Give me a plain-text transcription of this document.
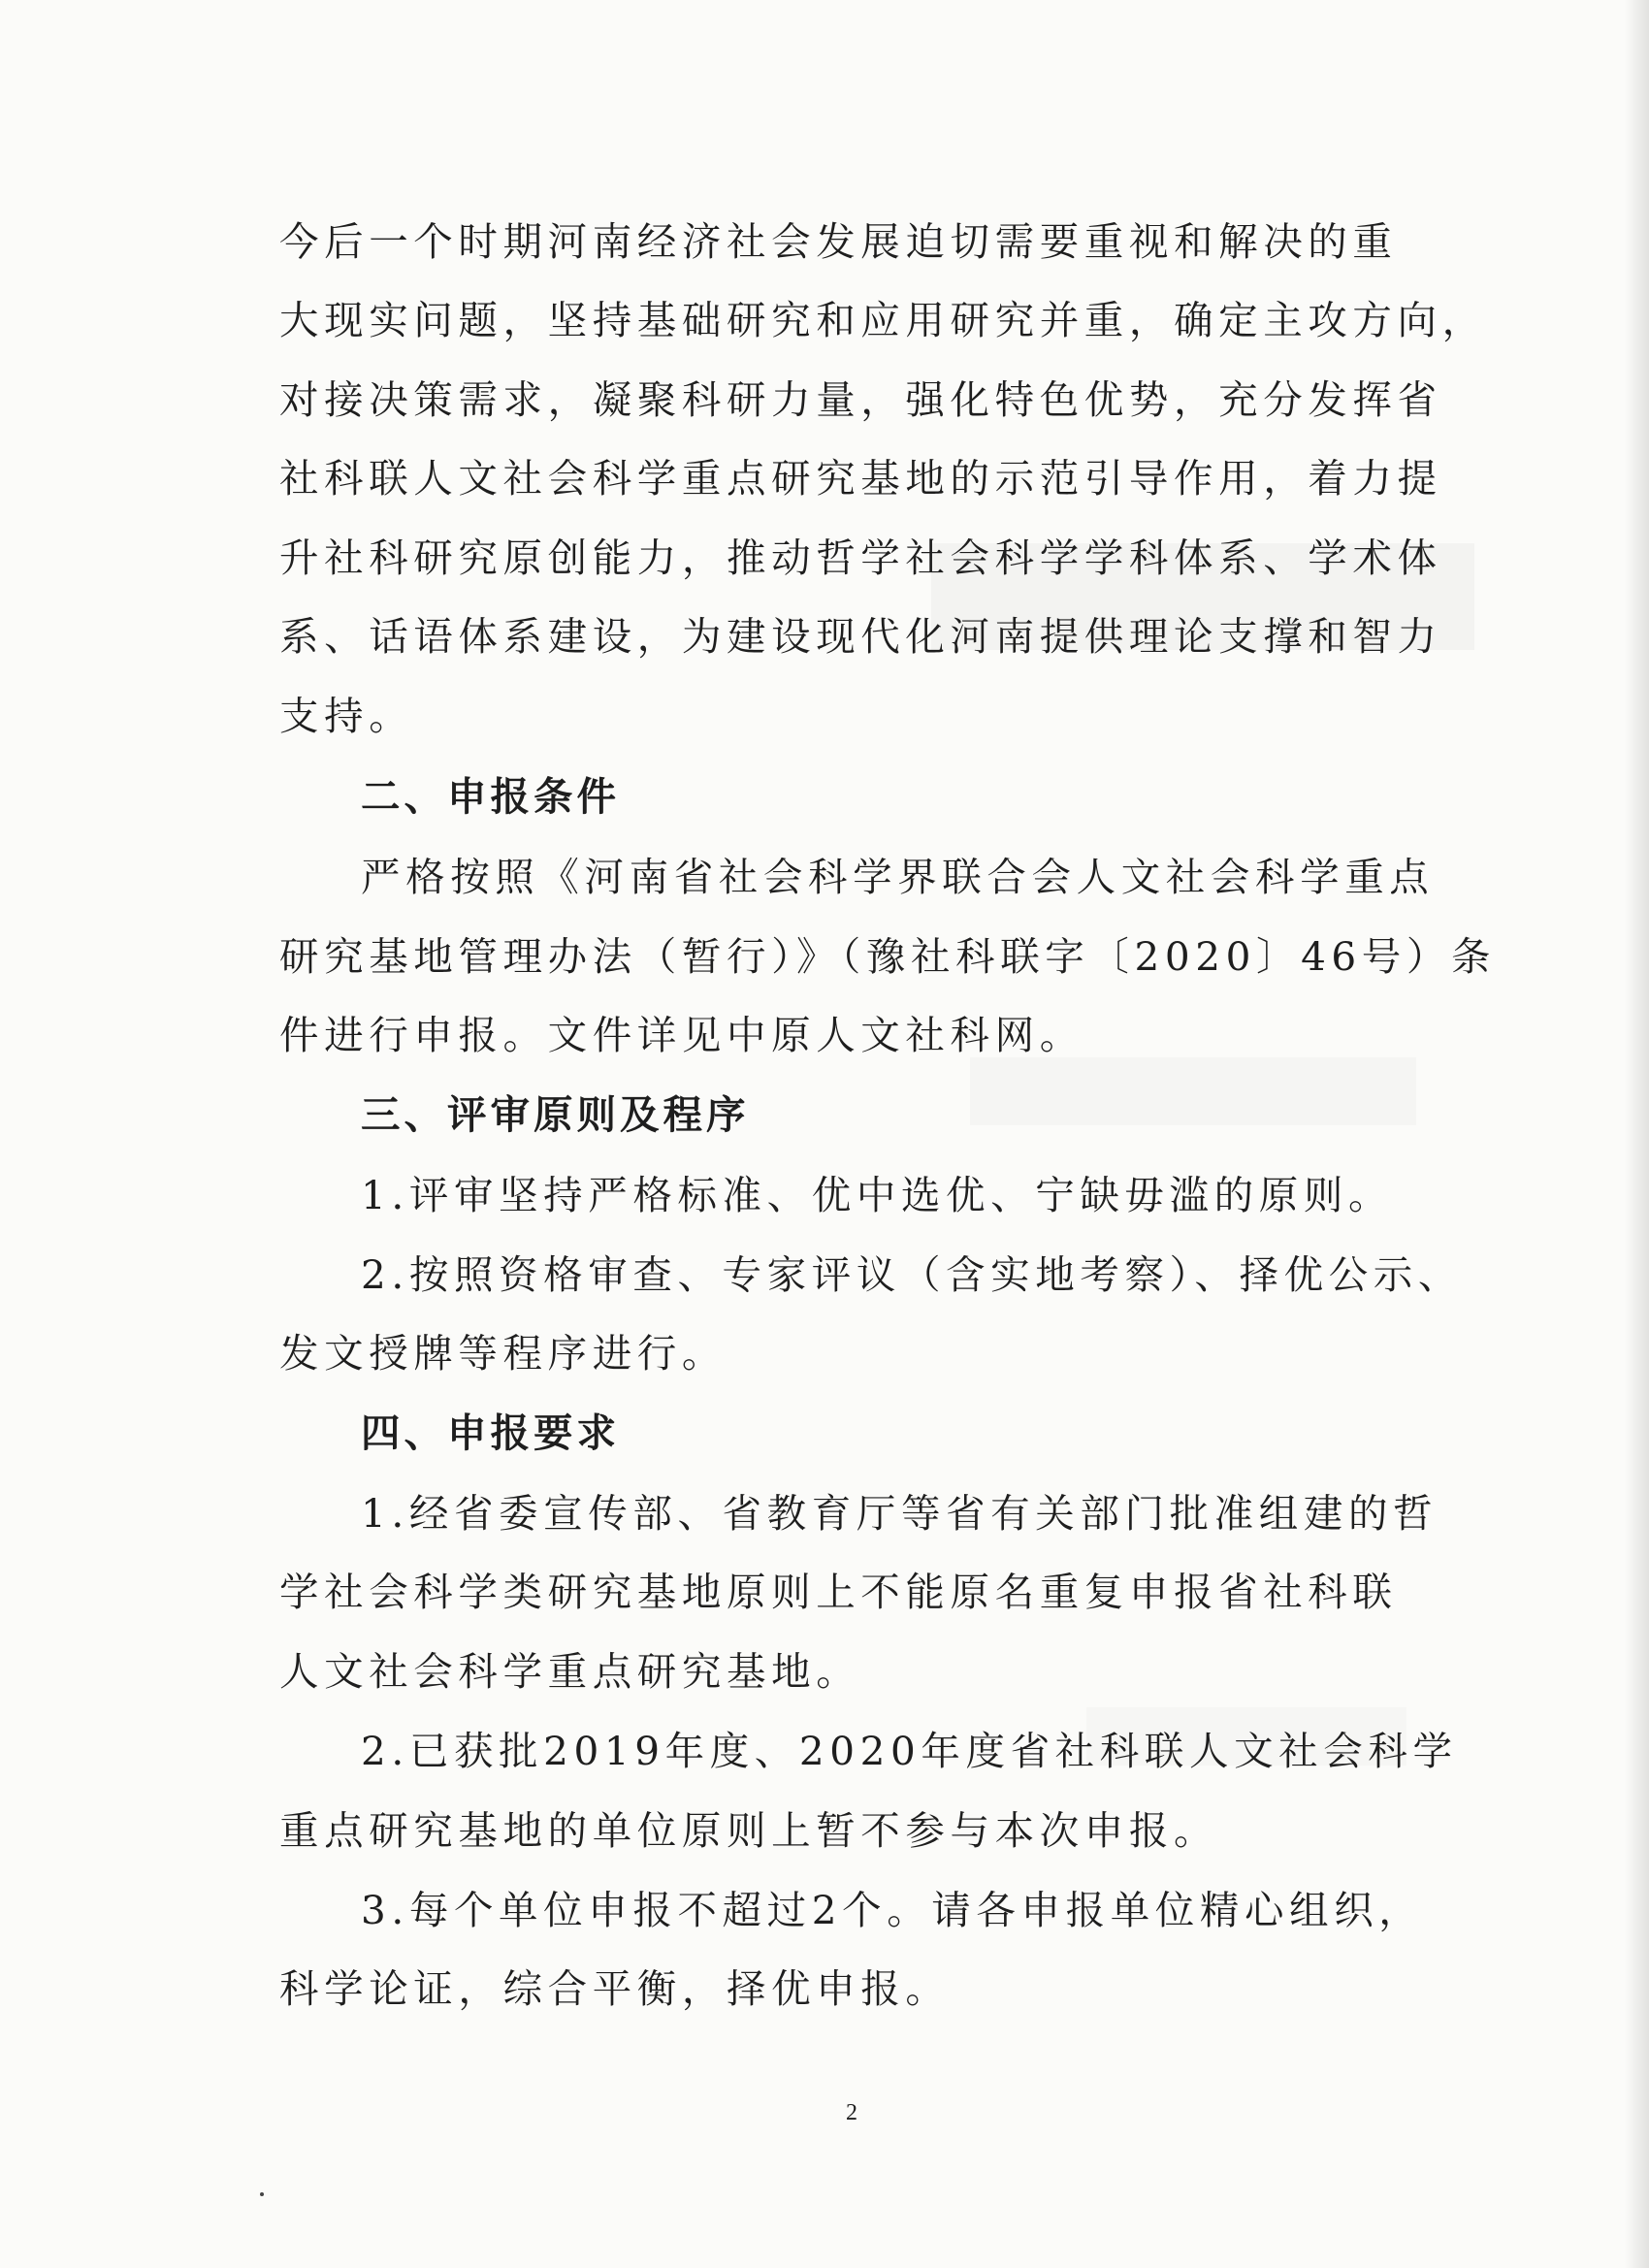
今后一个时期河南经济社会发展迫切需要重视和解决的重
大现实问题，坚持基础研究和应用研究并重，确定主攻方向，
对接决策需求，凝聚科研力量，强化特色优势，充分发挥省
社科联人文社会科学重点研究基地的示范引导作用，着力提
升社科研究原创能力，推动哲学社会科学学科体系、学术体
系、话语体系建设，为建设现代化河南提供理论支撑和智力
支持。
二、申报条件
严格按照《河南省社会科学界联合会人文社会科学重点
研究基地管理办法（暂行）》（豫社科联字〔2020〕46号）条
件进行申报。文件详见中原人文社科网。
三、评审原则及程序
1.评审坚持严格标准、优中选优、宁缺毋滥的原则。
2.按照资格审查、专家评议（含实地考察）、择优公示、
发文授牌等程序进行。
四、申报要求
1.经省委宣传部、省教育厅等省有关部门批准组建的哲
学社会科学类研究基地原则上不能原名重复申报省社科联
人文社会科学重点研究基地。
2.已获批2019年度、2020年度省社科联人文社会科学
重点研究基地的单位原则上暂不参与本次申报。
3.每个单位申报不超过2个。请各申报单位精心组织，
科学论证，综合平衡，择优申报。
2
